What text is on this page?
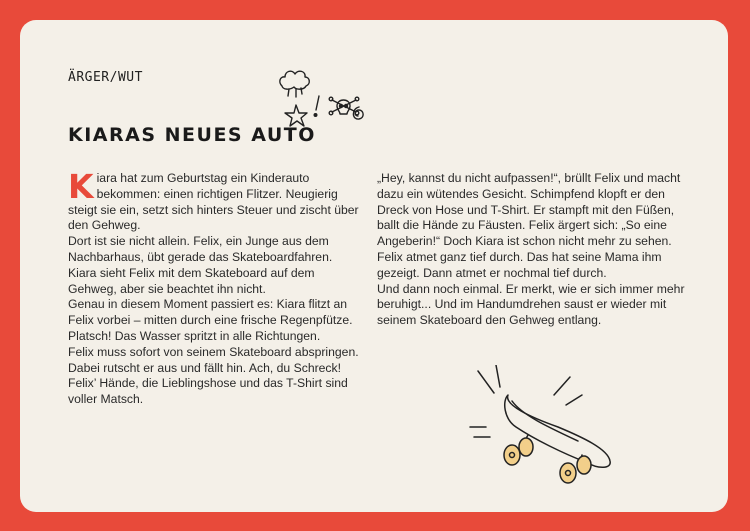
ÄRGER/WUT
KIARAS NEUES AUTO
K iara hat zum Geburtstag ein Kinderauto bekommen: einen richtigen Flitzer. Neugierig steigt sie ein, setzt sich hinters Steuer und zischt über den Gehweg.

Dort ist sie nicht allein. Felix, ein Junge aus dem Nachbarhaus, übt gerade das Skateboardfahren. Kiara sieht Felix mit dem Skateboard auf dem Gehweg, aber sie beachtet ihn nicht.

Genau in diesem Moment passiert es: Kiara flitzt an Felix vorbei – mitten durch eine frische Regenpfütze. Platsch! Das Wasser spritzt in alle Richtungen.

Felix muss sofort von seinem Skateboard abspringen. Dabei rutscht er aus und fällt hin. Ach, du Schreck! Felix’ Hände, die Lieblingshose und das T-Shirt sind voller Matsch.

„Hey, kannst du nicht aufpassen!“, brüllt Felix und macht dazu ein wütendes Gesicht. Schimpfend klopft er den Dreck von Hose und T-Shirt. Er stampft mit den Füßen, ballt die Hände zu Fäusten. Felix ärgert sich: „So eine Angeberin!“ Doch Kiara ist schon nicht mehr zu sehen.

Felix atmet ganz tief durch. Das hat seine Mama ihm gezeigt. Dann atmet er nochmal tief durch.

Und dann noch einmal. Er merkt, wie er sich immer mehr beruhigt... Und im Handumdrehen saust er wieder mit seinem Skateboard den Gehweg entlang.
